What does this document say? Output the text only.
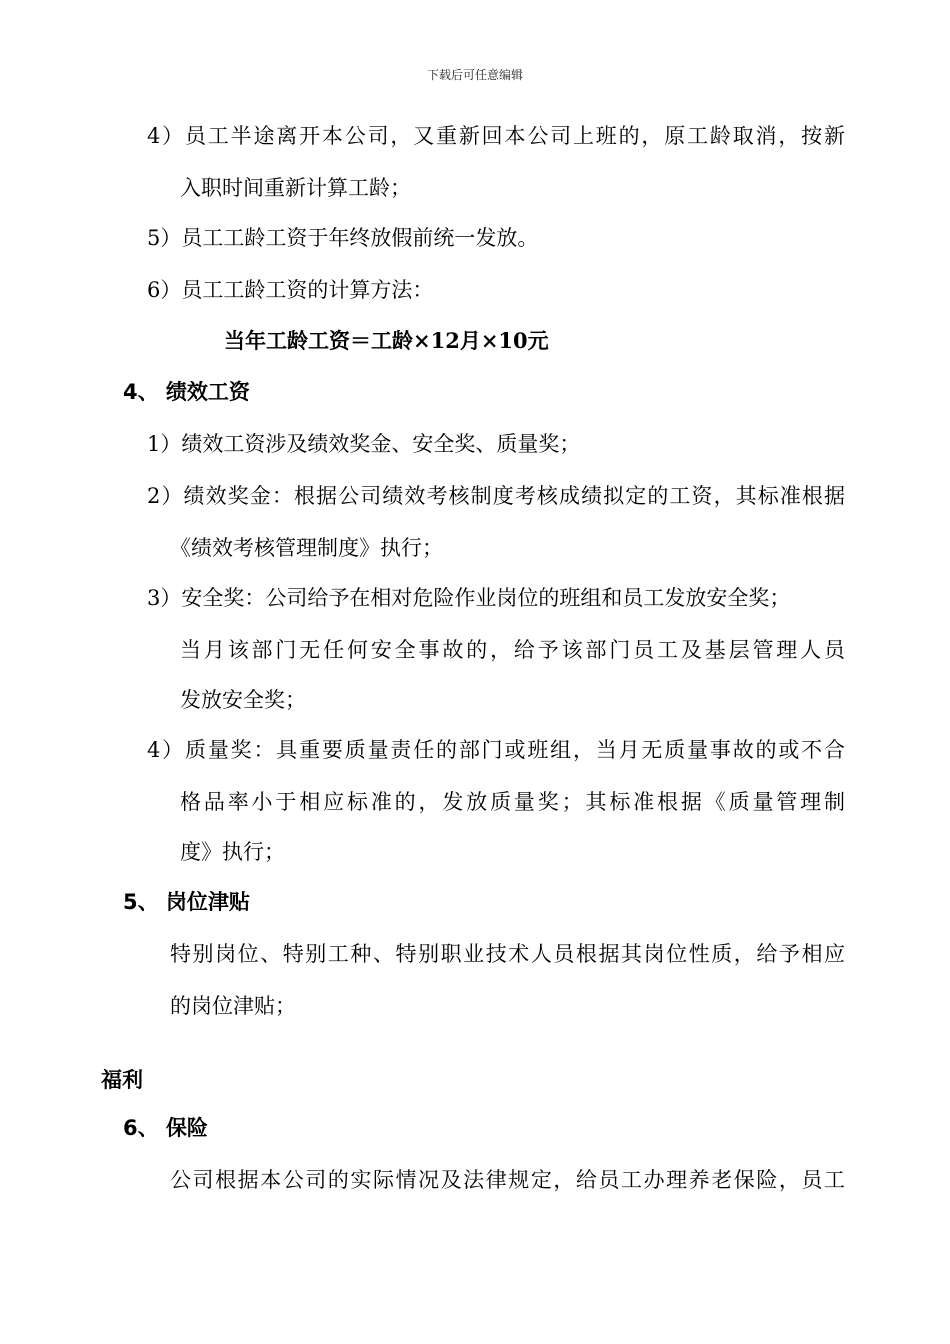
下载后可任意编辑
4）员工半途离开本公司，又重新回本公司上班的，原工龄取消，按新
入职时间重新计算工龄；
5）员工工龄工资于年终放假前统一发放。
6）员工工龄工资的计算方法：
当年工龄工资＝工龄×12月×10元
4、 绩效工资
1）绩效工资涉及绩效奖金、安全奖、质量奖；
2）绩效奖金：根据公司绩效考核制度考核成绩拟定的工资，其标准根据
《绩效考核管理制度》执行；
3）安全奖：公司给予在相对危险作业岗位的班组和员工发放安全奖；
当月该部门无任何安全事故的，给予该部门员工及基层管理人员
发放安全奖；
4）质量奖：具重要质量责任的部门或班组，当月无质量事故的或不合
格品率小于相应标准的，发放质量奖；其标准根据《质量管理制
度》执行；
5、 岗位津贴
特别岗位、特别工种、特别职业技术人员根据其岗位性质，给予相应
的岗位津贴；
福利
6、 保险
公司根据本公司的实际情况及法律规定，给员工办理养老保险，员工
